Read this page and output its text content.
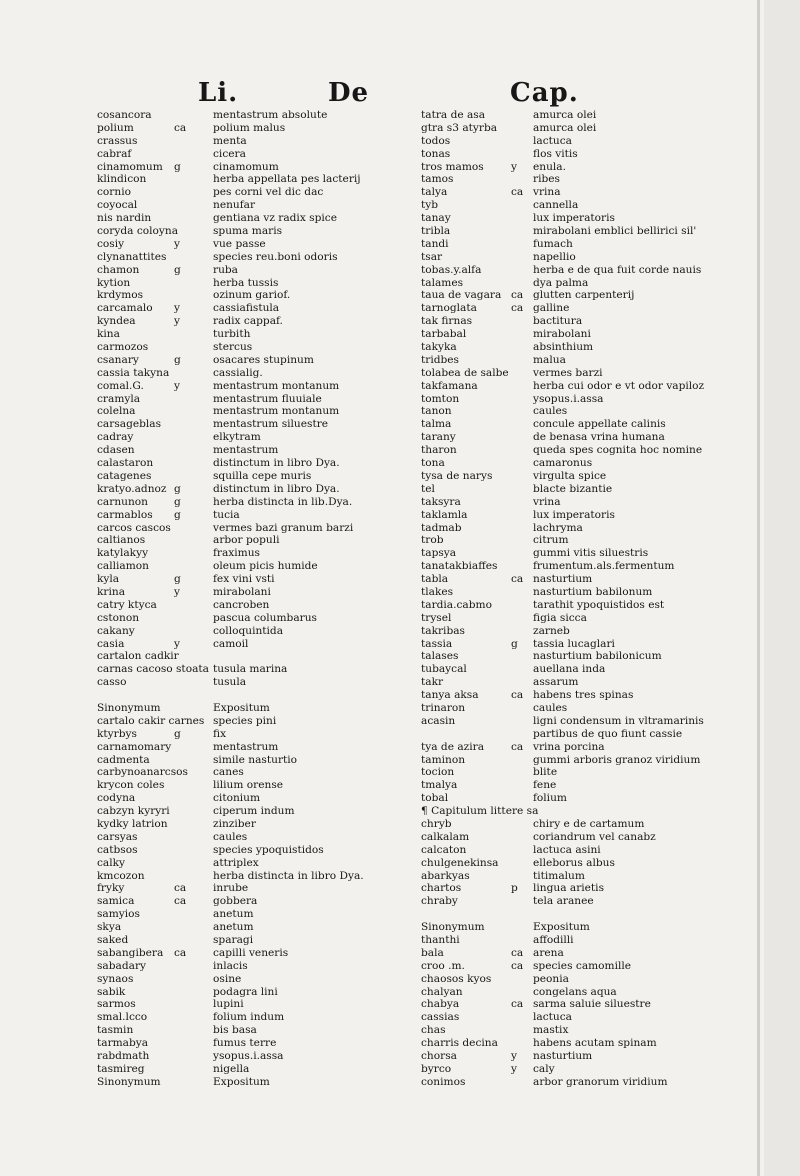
Li.	De	Cap.
cosancora	mentastrum absolute
polium	ca	polium malus
crassus	menta
cabraf	cicera
cinamomum g	cinamomum
klindicon	herba appellata pes lacterij
cornio	pes corni vel dic dac
coyocal	nenufar
nis nardin	gentiana vz radix spice
coryda coloyna	spuma maris
cosiy	y	vue passe
clynanattites	species reu.boni odoris
chamon	g	ruba
kytion	herba tussis
krdymos	ozinum gariof.
carcamalo y	cassiafistula
kyndea	y	radix cappaf.
kina	turbith
carmozos	stercus
csanary	g	osacares stupinum
cassia takyna	cassialig.
comal.G.	y	mentastrum montanum
cramyla	mentastrum fluuiale
colelna	mentastrum montanum
carsageblas	mentastrum siluestre
cadray	elkytram
cdasen	mentastrum
calastaron	distinctum in libro Dya.
catagenes	squilla cepe muris
kratyo.adnoz g	distinctum in libro Dya.
carnunon g	herba distincta in lib.Dya.
carmablos g	tucia
carcos cascos	vermes bazi granum barzi
caltianos	arbor populi
katylakyy	fraximus
calliamon	oleum picis humide
kyla	g	fex vini vsti
krina	y	mirabolani
catry ktyca	cancroben
cstonon	pascua columbarus
cakany	colloquintida
casia	y	camoil
cartalon cadkir
carnas cacoso stoata tusula marina
casso	tusula
Sinonymum	Expositum
cartalo cakir carnes species pini
ktyrbys	g	fix
carnamomary	mentastrum
cadmenta	simile nasturtio
carbynoanarcsos canes
krycon coles	lilium orense
codyna	citonium
cabzyn kyryri	ciperum indum
kydky latrion	zinziber
carsyas	caules
catbsos	species ypoquistidos
calky	attriplex
kmcozon	herba distincta in libro Dya.
fryky	ca	inrube
samica	ca	gobbera
samyios	anetum
skya	anetum
saked	sparagi
sabangibera ca	capilli veneris
sabadary	inlacis
synaos	osine
sabik	podagra lini
sarmos	lupini
smal.lcco	folium indum
tasmin	bis basa
tarmabya	fumus terre
rabdmath	ysopus.i.assa
tasmireg	nigella
Sinonymum	Expositum
tatra de asa	amurca olei
gtra s3 atyrba	amurca olei
todos	lactuca
tonas	flos vitis
tros mamos	y enula.
tamos	ribes
talya	ca vrina
tyb	cannella
tanay	lux imperatoris
tribla	mirabolani emblici bellirici sil'
tandi	fumach
tsar	napellio
tobas.y.alfa	herba e de qua fuit corde nauis
talames	dya palma
taua de vagara ca glutten carpenterij
tarnoglata	ca galline
tak firnas	bactitura
tarbabal	mirabolani
takyka	absinthium
tridbes	malua
tolabea de salbe vermes barzi
takfamana	herba cui odor e vt odor vapiloz
tomton	ysopus.i.assa
tanon	caules
talma	concule appellate calinis
tarany	de benasa vrina humana
tharon	queda spes cognita hoc nomine
tona	camaronus
tysa de narys	virgulta spice
tel	blacte bizantie
taksyra	vrina
taklamla	lux imperatoris
tadmab	lachryma
trob	citrum
tapsya	gummi vitis siluestris
tanatakbiaffes	frumentum.als.fermentum
tabla	ca nasturtium
tlakes	nasturtium babilonum
tardia.cabmo	tarathit ypoquistidos est
trysel	figia sicca
takribas	zarneb
tassia	g tassia lucaglari
talases	nasturtium babilonicum
tubaycal	auellana inda
takr	assarum
tanya aksa	ca habens tres spinas
trinaron	caules
acasin	ligni condensum in vltramarinis
partibus de quo fiunt cassie
tya de azira	ca vrina porcina
taminon	gummi arboris granoz viridium
tocion	blite
tmalya	fene
tobal	folium
¶ Capitulum littere sa
chryb	chiry e de cartamum
calkalam	coriandrum vel canabz
calcaton	lactuca asini
chulgenekinsa	elleborus albus
abarkyas	titimalum
chartos	p lingua arietis
chraby	tela aranee
Sinonymum	Expositum
thanthi	affodilli
bala	ca arena
croo .m.	ca species camomille
chaosos kyos	peonia
chalyan	congelans aqua
chabya	ca sarma saluie siluestre
cassias	lactuca
chas	mastix
charris decina	habens acutam spinam
chorsa	y nasturtium
byrco	y caly
conimos	arbor granorum viridium
